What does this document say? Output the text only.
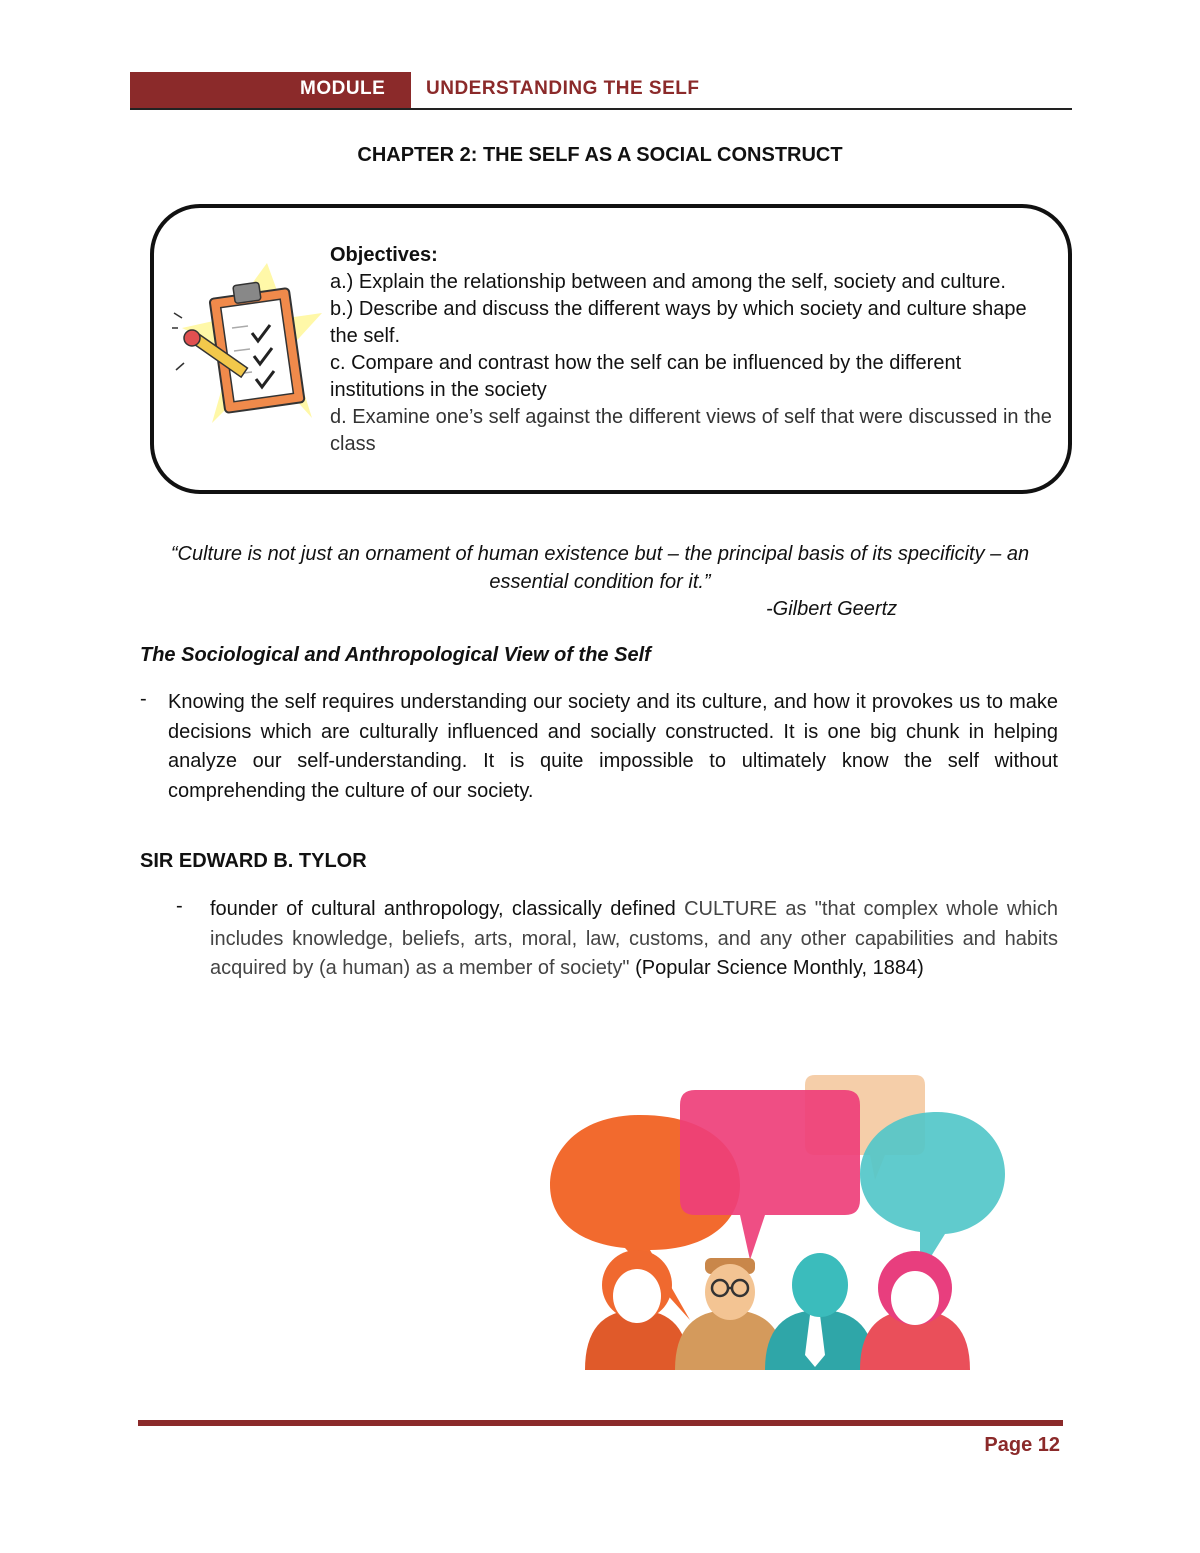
MODULE UNDERSTANDING THE SELF
CHAPTER 2: THE SELF AS A SOCIAL CONSTRUCT
Objectives:
a.) Explain the relationship between and among the self, society and culture.
b.) Describe and discuss the different ways by which society and culture shape the self.
c. Compare and contrast how the self can be influenced by the different institutions in the society
d. Examine one’s self against the different views of self that were discussed in the class
“Culture is not just an ornament of human existence but – the principal basis of its specificity – an essential condition for it.”
-Gilbert Geertz
The Sociological and Anthropological View of the Self
- Knowing the self requires understanding our society and its culture, and how it provokes us to make decisions which are culturally influenced and socially constructed. It is one big chunk in helping analyze our self-understanding. It is quite impossible to ultimately know the self without comprehending the culture of our society.
SIR EDWARD B. TYLOR
- founder of cultural anthropology, classically defined CULTURE as "that complex whole which includes knowledge, beliefs, arts, moral, law, customs, and any other capabilities and habits acquired by (a human) as a member of society" (Popular Science Monthly, 1884)
Page 12
